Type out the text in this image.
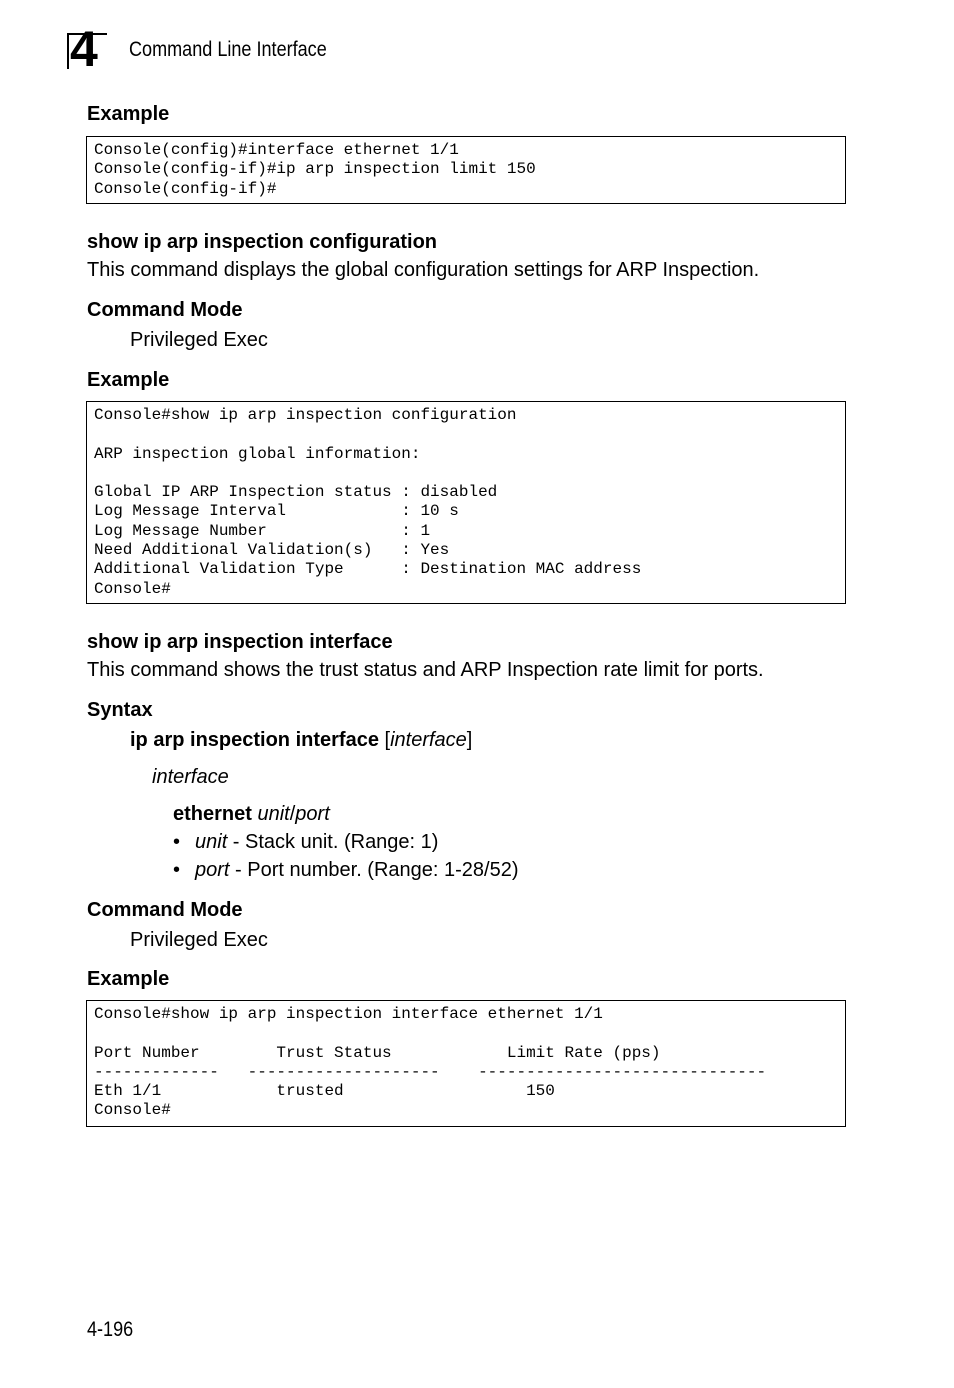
4 Command Line Interface
Example
Console(config)#interface ethernet 1/1
Console(config-if)#ip arp inspection limit 150
Console(config-if)#
show ip arp inspection configuration
This command displays the global configuration settings for ARP Inspection.
Command Mode
Privileged Exec
Example
Console#show ip arp inspection configuration

ARP inspection global information:

Global IP ARP Inspection status : disabled
Log Message Interval            : 10 s
Log Message Number              : 1
Need Additional Validation(s)   : Yes
Additional Validation Type      : Destination MAC address
Console#
show ip arp inspection interface
This command shows the trust status and ARP Inspection rate limit for ports.
Syntax
ip arp inspection interface [interface]
interface
ethernet unit/port
• unit - Stack unit. (Range: 1)
• port - Port number. (Range: 1-28/52)
Command Mode
Privileged Exec
Example
Console#show ip arp inspection interface ethernet 1/1

Port Number        Trust Status            Limit Rate (pps)
-------------   --------------------    ------------------------------
Eth 1/1            trusted                   150
Console#
4-196
